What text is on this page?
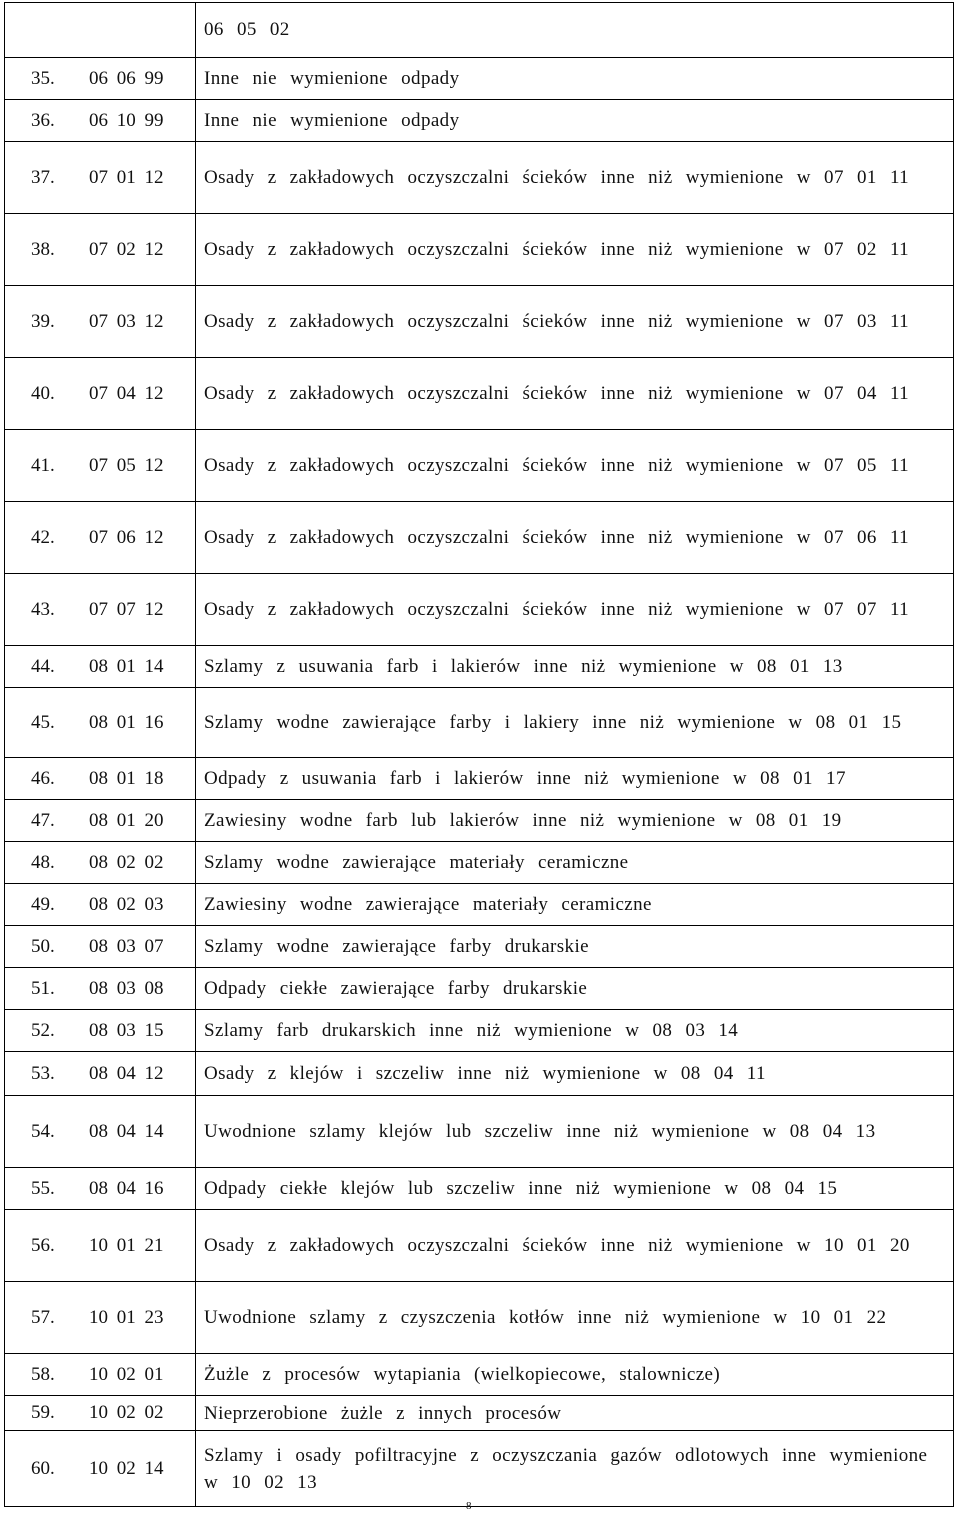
	06 05 02
35. 06 06 99	Inne nie wymienione odpady
36. 06 10 99	Inne nie wymienione odpady
37. 07 01 12	Osady z zakładowych oczyszczalni ścieków inne niż wymienione w 07 01 11
38. 07 02 12	Osady z zakładowych oczyszczalni ścieków inne niż wymienione w 07 02 11
39. 07 03 12	Osady z zakładowych oczyszczalni ścieków inne niż wymienione w 07 03 11
40. 07 04 12	Osady z zakładowych oczyszczalni ścieków inne niż wymienione w 07 04 11
41. 07 05 12	Osady z zakładowych oczyszczalni ścieków inne niż wymienione w 07 05 11
42. 07 06 12	Osady z zakładowych oczyszczalni ścieków inne niż wymienione w 07 06 11
43. 07 07 12	Osady z zakładowych oczyszczalni ścieków inne niż wymienione w 07 07 11
44. 08 01 14	Szlamy z usuwania farb i lakierów inne niż wymienione w 08 01 13
45. 08 01 16	Szlamy wodne zawierające farby i lakiery inne niż wymienione w 08 01 15
46. 08 01 18	Odpady z usuwania farb i lakierów inne niż wymienione w 08 01 17
47. 08 01 20	Zawiesiny wodne farb lub lakierów inne niż wymienione w 08 01 19
48. 08 02 02	Szlamy wodne zawierające materiały ceramiczne
49. 08 02 03	Zawiesiny wodne zawierające materiały ceramiczne
50. 08 03 07	Szlamy wodne zawierające farby drukarskie
51. 08 03 08	Odpady ciekłe zawierające farby drukarskie
52. 08 03 15	Szlamy farb drukarskich inne niż wymienione w 08 03 14
53. 08 04 12	Osady z klejów i szczeliw inne niż wymienione w 08 04 11
54. 08 04 14	Uwodnione szlamy klejów lub szczeliw inne niż wymienione w 08 04 13
55. 08 04 16	Odpady ciekłe klejów lub szczeliw inne niż wymienione w 08 04 15
56. 10 01 21	Osady z zakładowych oczyszczalni ścieków inne niż wymienione w 10 01 20
57. 10 01 23	Uwodnione szlamy z czyszczenia kotłów inne niż wymienione w 10 01 22
58. 10 02 01	Żużle z procesów wytapiania (wielkopiecowe, stalownicze)
59. 10 02 02	Nieprzerobione żużle z innych procesów
60. 10 02 14	Szlamy i osady pofiltracyjne z oczyszczania gazów odlotowych inne wymienione w 10 02 13
8
